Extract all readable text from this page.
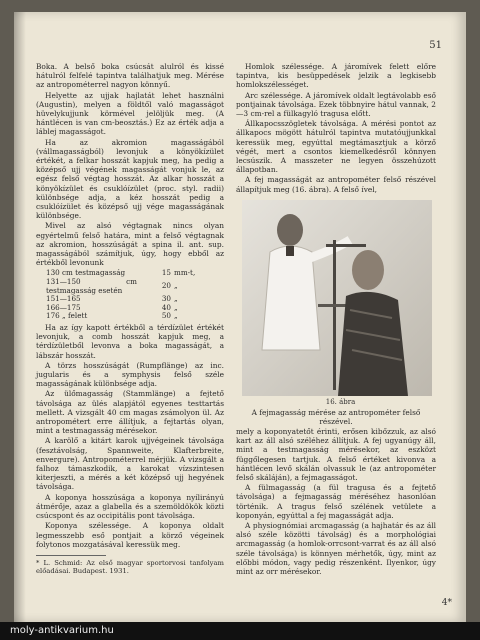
51

Boka. A belső boka csúcsát alulról és kissé hátulról felfelé tapintva találhatjuk meg. Mérése az antropométerrel nagyon könnyű.

Helyette az ujjak hajlatát lehet használni (Augustin), melyen a földtől való magasságot hüvelykujjunk körmével jelöljük meg. (A hántlécen is van cm-beosztás.) Ez az érték adja a láblej magasságot.

Ha az akromion magasságából (vállmagasságból) levonjuk a könyökízület értékét, a felkar hosszát kapjuk meg, ha pedig a középső ujj végének magasságát vonjuk le, az egész felső végtag hosszát. Az alkar hosszát a könyökízület és csuklóízület (proc. styl. radii) különbsége adja, a kéz hosszát pedig a csuklóízület és középső ujj vége magasságának különbsége.

Mivel az alsó végtagnak nincs olyan egyértelmű felső határa, mint a felső végtagnak az akromion, hosszúságát a spina il. ant. sup. magasságából számítjuk, úgy, hogy ebből az értékből levonunk

130 cm testmagasság	15	mm-t,
131—150 cm testmagasság esetén	20	„
151—165	30	„
166—175	40	„
176 „ felett	50	„

Ha az így kapott értékből a térdízület értékét levonjuk, a comb hosszát kapjuk meg, a térdízületből levonva a boka magasságát, a lábszár hosszát.

A törzs hosszúságát (Rumpflänge) az inc. jugularis és a symphysis felső széle magasságának különbsége adja.

Az ülőmagasság (Stammlänge) a fejtető távolsága az ülés alapjától egyenes testtartás mellett. A vizsgált 40 cm magas zsámolyon ül. Az antropométert erre állítjuk, a fejtartás olyan, mint a testmagasság mérésekor.

A karölő a kitárt karok ujjvégeinek távolsága (fesztávolság, Spannweite, Klafterbreite, envergure). Antropométerrel mérjük. A vizsgált a falhoz támaszkodik, a karokat vízszintesen kiterjeszti, a mérés a két középső ujj hegyének távolsága.

A koponya hosszúsága a koponya nyílirányú átmérője, azaz a glabella és a szemöldökök közti csúcspont és az occipitális pont távolsága.

Koponya szélessége. A koponya oldalt legmesszebb eső pontjait a körző végeinek folytonos mozgatásával keressük meg.

* L. Schmid: Az első magyar sportorvosi tanfolyam előadásai. Budapest. 1931.

Homlok szélessége. A járomívek felett előre tapintva, kis besüppedések jelzik a legkisebb homlokszélességet.

Arc szélessége. A járomívek oldalt legtávolabb eső pontjainak távolsága. Ezek többnyire hátul vannak, 2—3 cm-rel a fülkagyló tragusa előtt.

Állkapocsszögletek távolsága. A mérési pontot az állkapocs mögött hátulról tapintva mutatóujjunkkal keressük meg, egyúttal megtámasztjuk a körző végét, mert a csontos kiemelkedésről könnyen lecsúszik. A masszeter ne legyen összehúzott állapotban.

A fej magasságát az antropométer felső részével állapítjuk meg (16. ábra). A felső ível,

16. ábra

A fejmagasság mérése az antropométer felső részével.

mely a koponyatetőt érinti, erősen kibőzzuk, az alsó kart az áll alsó széléhez állítjuk. A fej ugyanúgy áll, mint a testmagasság mérésekor, az eszközt függőlegesen tartjuk. A felső értéket kivonva a hántlécen levő skálán olvassuk le (az antropométer felső skáláján), a fejmagasságot.

A fülmagasság (a fül tragusa és a fejtető távolsága) a fejmagasság méréséhez hasonlóan történik. A tragus felső szélének vetülete a koponyán, egyúttal a fej magasságát adja.

A physiognómiai arcmagasság (a hajhatár és az áll alsó széle közötti távolság) és a morphológiai arcmagasság (a homlok-orrcsont-varrat és az áll alsó széle távolsága) is könnyen mérhetők, úgy, mint az előbbi módon, vagy pedig részenként. Ilyenkor, úgy mint az orr mérésekor.

4*
moly-antikvarium.hu
